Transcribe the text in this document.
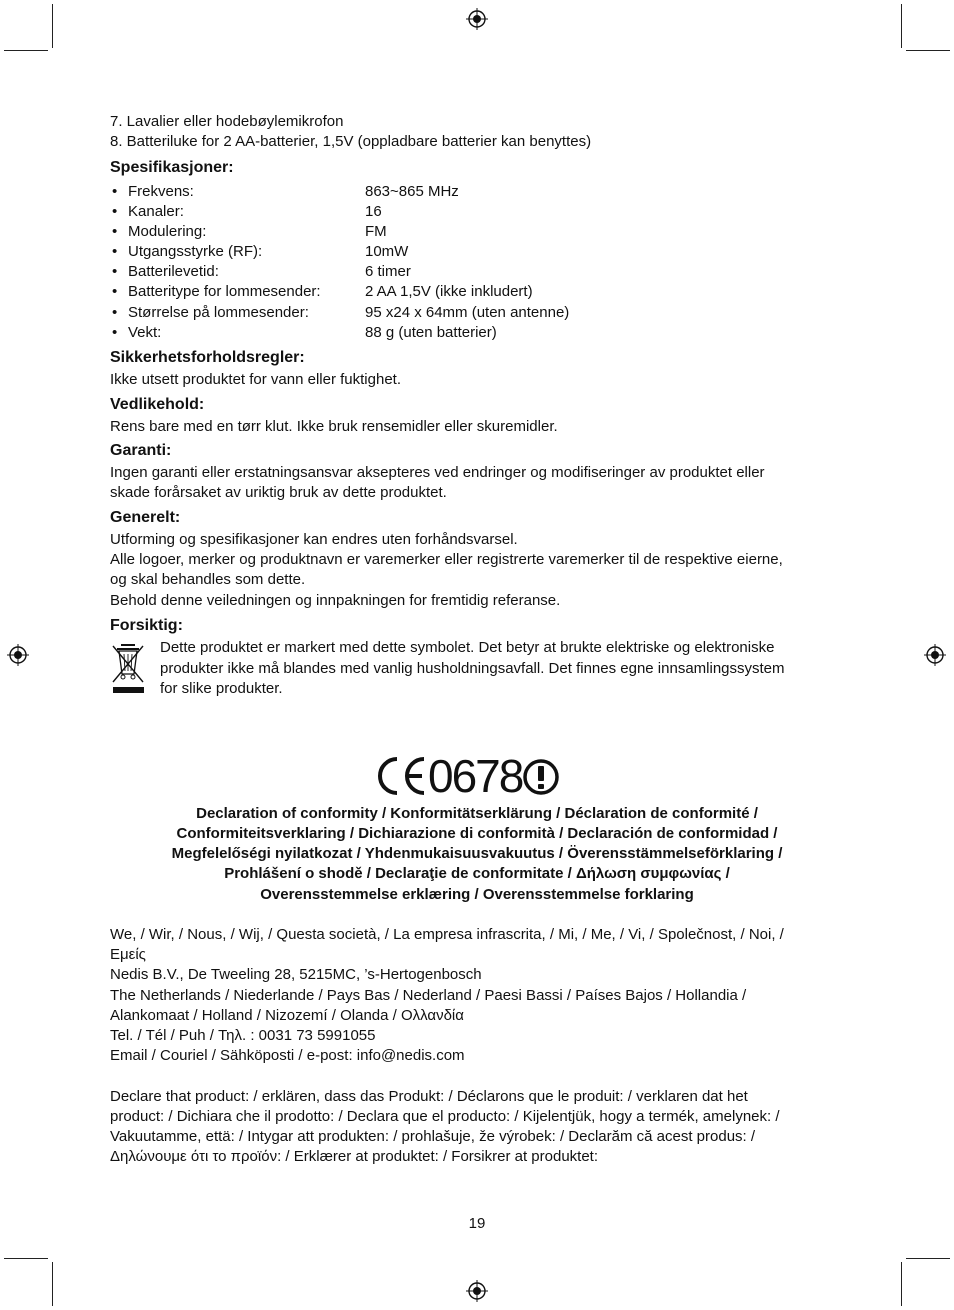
7. Lavalier eller hodebøylemikrofon
8. Batteriluke for 2 AA-batterier, 1,5V (oppladbare batterier kan benyttes)
Spesifikasjoner:
• Frekvens:	863~865 MHz
• Kanaler:	16
• Modulering:	FM
• Utgangsstyrke (RF):	10mW
• Batterilevetid:	6 timer
• Batteritype for lommesender:	2 AA 1,5V (ikke inkludert)
• Størrelse på lommesender:	95 x24 x 64mm (uten antenne)
• Vekt:	88 g (uten batterier)
Sikkerhetsforholdsregler:
Ikke utsett produktet for vann eller fuktighet.
Vedlikehold:
Rens bare med en tørr klut. Ikke bruk rensemidler eller skuremidler.
Garanti:
Ingen garanti eller erstatningsansvar aksepteres ved endringer og modifiseringer av produktet eller
skade forårsaket av uriktig bruk av dette produktet.
Generelt:
Utforming og spesifikasjoner kan endres uten forhåndsvarsel.
Alle logoer, merker og produktnavn er varemerker eller registrerte varemerker til de respektive eierne,
og skal behandles som dette.
Behold denne veiledningen og innpakningen for fremtidig referanse.
Forsiktig:
Dette produktet er markert med dette symbolet. Det betyr at brukte elektriske og elektroniske
produkter ikke må blandes med vanlig husholdningsavfall. Det finnes egne innsamlingssystem
for slike produkter.
0678
Declaration of conformity / Konformitätserklärung / Déclaration de conformité /
Conformiteitsverklaring / Dichiarazione di conformità / Declaración de conformidad /
Megfelelőségi nyilatkozat / Yhdenmukaisuusvakuutus / Överensstämmelseförklaring /
Prohlášení o shodě / Declaraţie de conformitate / Δήλωση συμφωνίας /
Overensstemmelse erklæring / Overensstemmelse forklaring
We, / Wir, / Nous, / Wij, / Questa società, / La empresa infrascrita, / Mi, / Me, / Vi, / Společnost, / Noi, /
Εμείς
Nedis B.V., De Tweeling 28, 5215MC, ’s-Hertogenbosch
The Netherlands / Niederlande / Pays Bas / Nederland / Paesi Bassi / Países Bajos / Hollandia /
Alankomaat / Holland / Nizozemí / Olanda / Ολλανδία
Tel. / Tél / Puh / Τηλ. : 0031 73 5991055
Email / Couriel / Sähköposti / e-post: info@nedis.com
Declare that product: / erklären, dass das Produkt: / Déclarons que le produit: / verklaren dat het
product: / Dichiara che il prodotto: / Declara que el producto: / Kijelentjük, hogy a termék, amelynek: /
Vakuutamme, että: / Intygar att produkten: / prohlašuje, že výrobek: / Declarăm că acest produs: /
Δηλώνουμε ότι το προϊόν: / Erklærer at produktet: / Forsikrer at produktet:
19
